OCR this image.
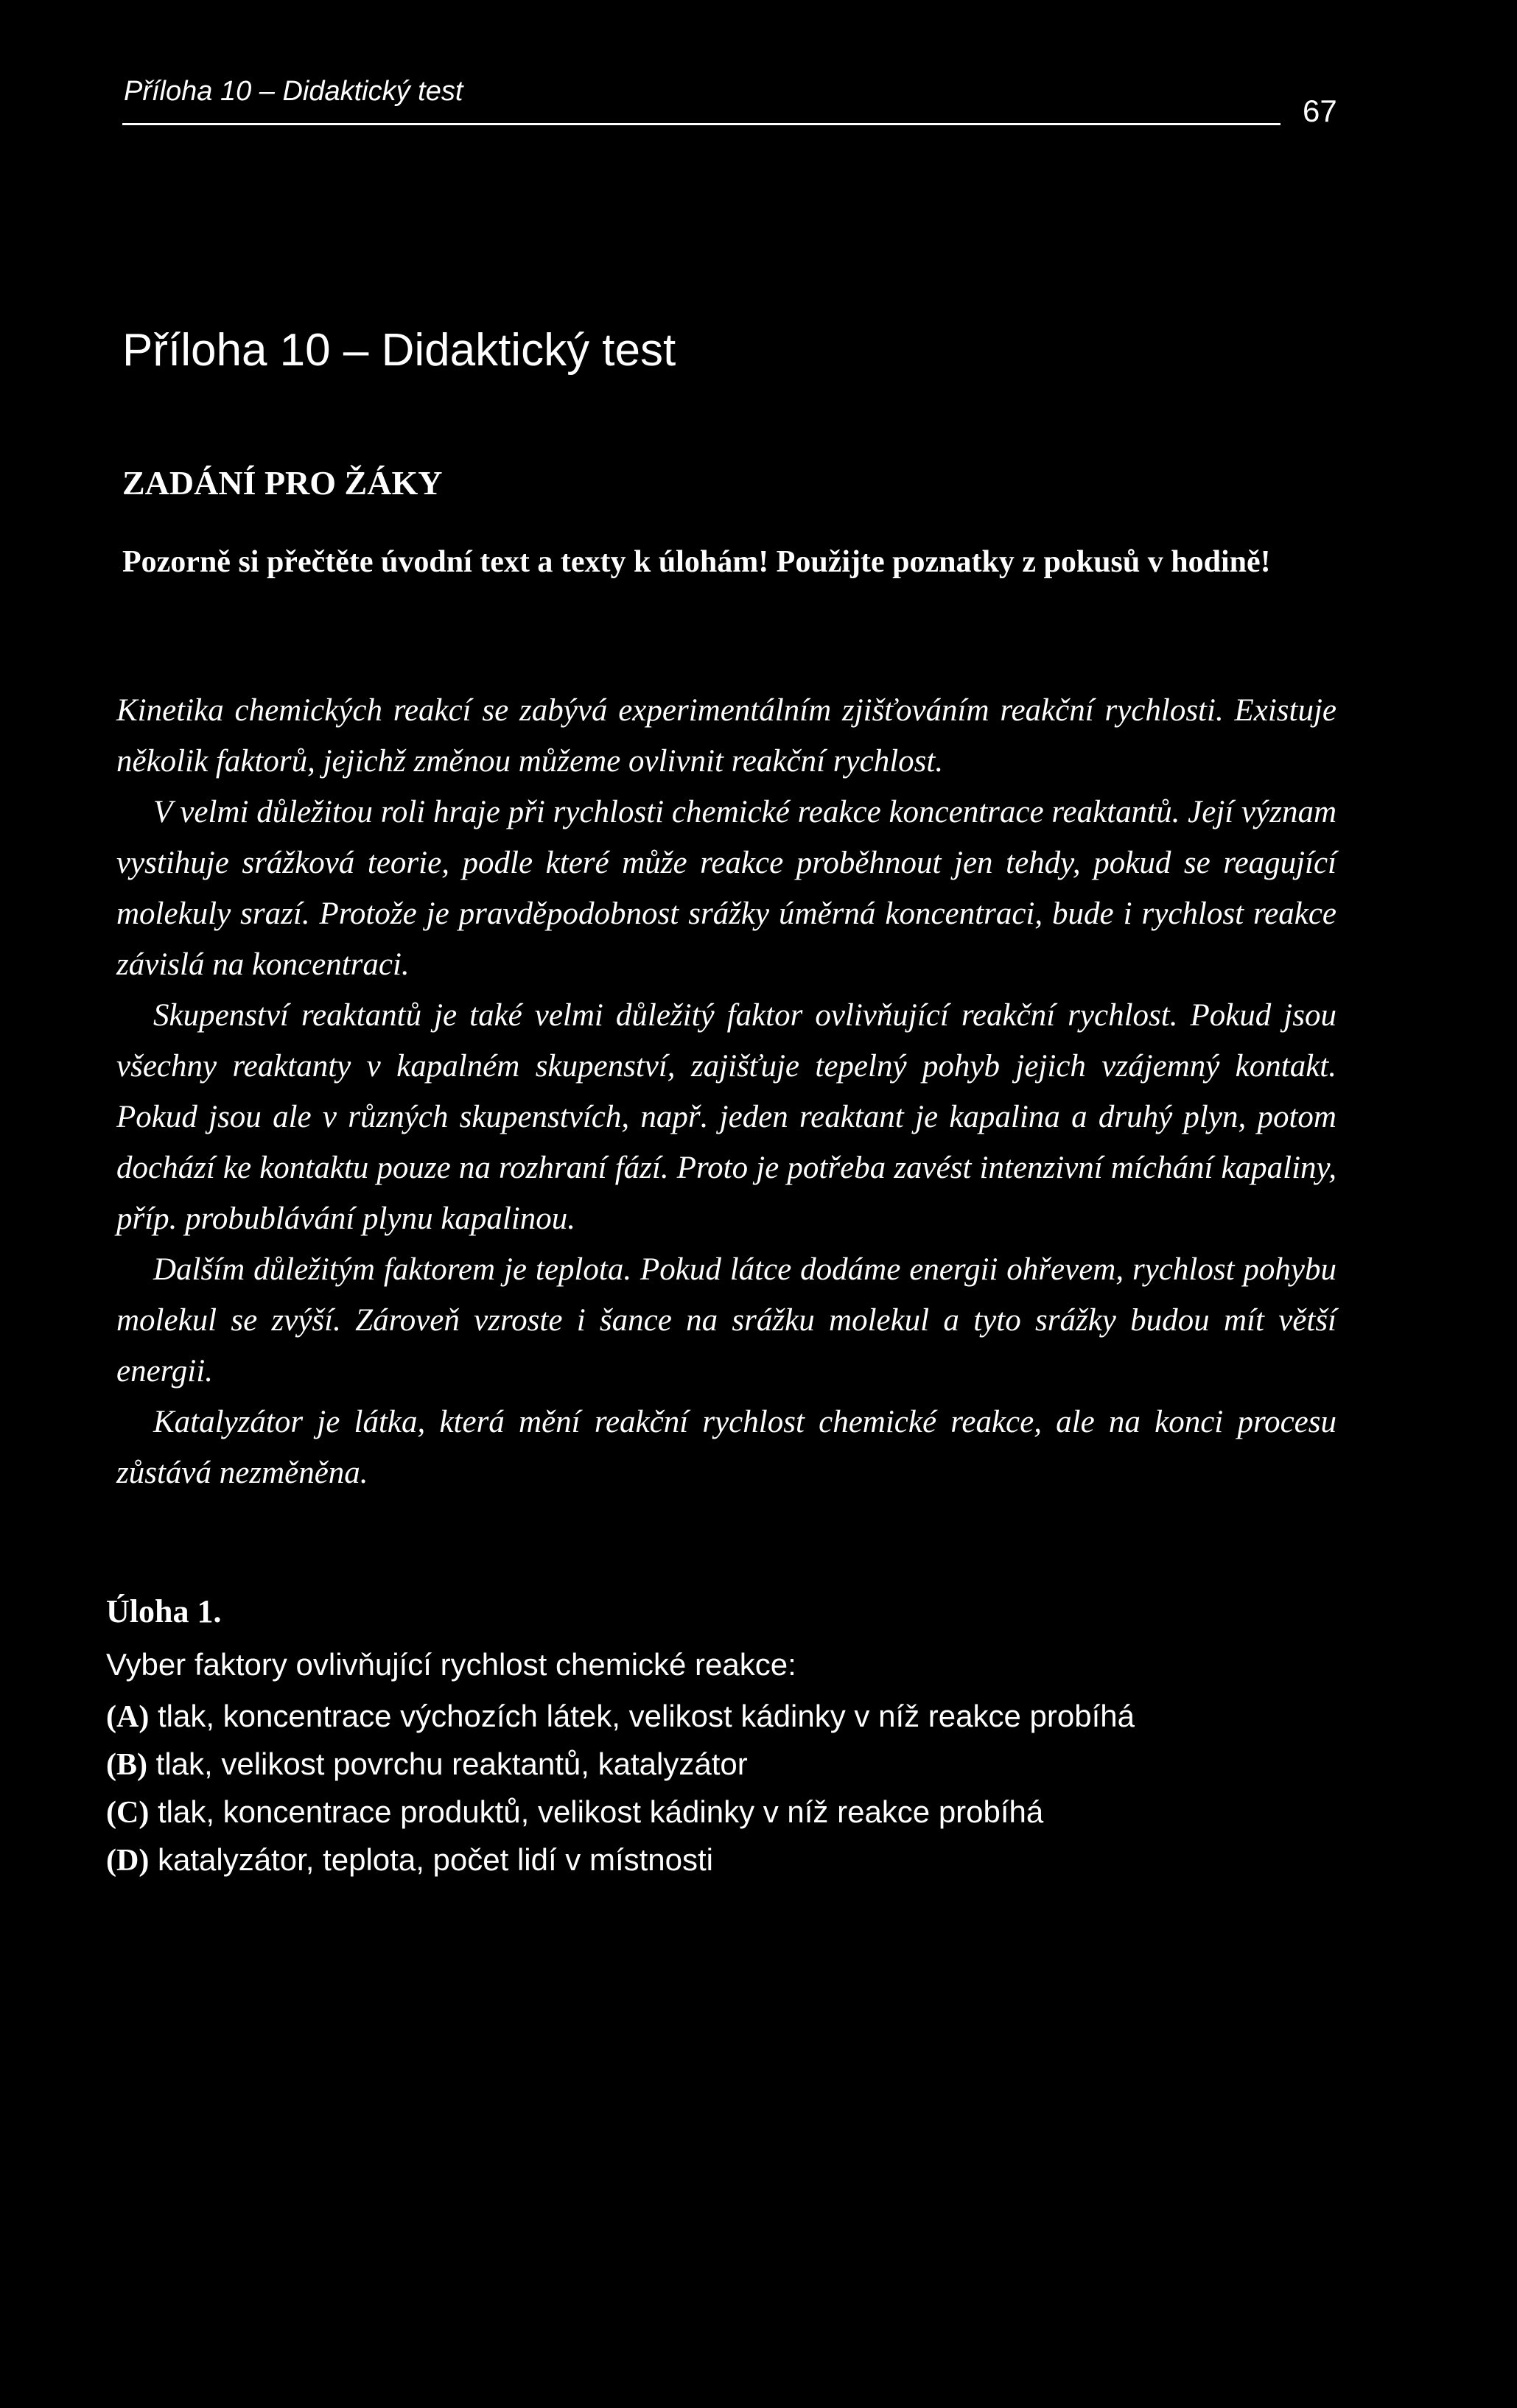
Příloha 10 – Didaktický test
67
Příloha 10 – Didaktický test
ZADÁNÍ PRO ŽÁKY
Pozorně si přečtěte úvodní text a texty k úlohám! Použijte poznatky z pokusů v hodině!

Kinetika chemických reakcí se zabývá experimentálním zjišťováním reakční rychlosti. Existuje několik faktorů, jejichž změnou můžeme ovlivnit reakční rychlost.

V velmi důležitou roli hraje při rychlosti chemické reakce koncentrace reaktantů. Její význam vystihuje srážková teorie, podle které může reakce proběhnout jen tehdy, pokud se reagující molekuly srazí. Protože je pravděpodobnost srážky úměrná koncentraci, bude i rychlost reakce závislá na koncentraci.

Skupenství reaktantů je také velmi důležitý faktor ovlivňující reakční rychlost. Pokud jsou všechny reaktanty v kapalném skupenství, zajišťuje tepelný pohyb jejich vzájemný kontakt. Pokud jsou ale v různých skupenstvích, např. jeden reaktant je kapalina a druhý plyn, potom dochází ke kontaktu pouze na rozhraní fází. Proto je potřeba zavést intenzivní míchání kapaliny, příp. probublávání plynu kapalinou.

Dalším důležitým faktorem je teplota. Pokud látce dodáme energii ohřevem, rychlost pohybu molekul se zvýší. Zároveň vzroste i šance na srážku molekul a tyto srážky budou mít větší energii.

Katalyzátor je látka, která mění reakční rychlost chemické reakce, ale na konci procesu zůstává nezměněna.

Úloha 1.
Vyber faktory ovlivňující rychlost chemické reakce:
(A) tlak, koncentrace výchozích látek, velikost kádinky v níž reakce probíhá
(B) tlak, velikost povrchu reaktantů, katalyzátor
(C) tlak, koncentrace produktů, velikost kádinky v níž reakce probíhá
(D) katalyzátor, teplota, počet lidí v místnosti
